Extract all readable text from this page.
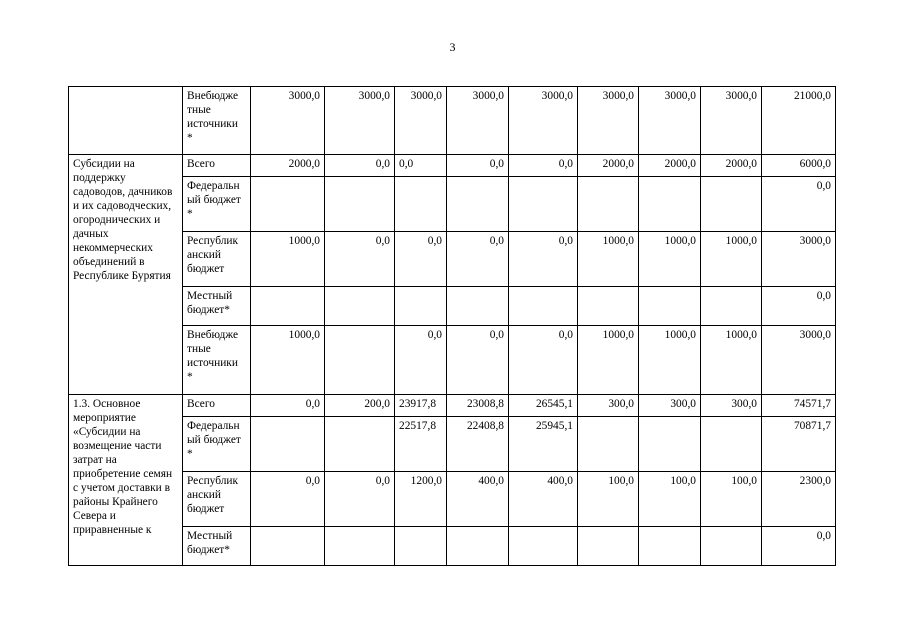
3
	Внебюдже тные источники *	3000,0	3000,0	3000,0	3000,0	3000,0	3000,0	3000,0	3000,0	21000,0
Субсидии на поддержку садоводов, дачников и их садоводческих, огороднических и дачных некоммерческих объединений в Республике Бурятия	Всего	2000,0	0,0	0,0	0,0	0,0	2000,0	2000,0	2000,0	6000,0
	Федеральн ый бюджет *									0,0
	Республик анский бюджет	1000,0	0,0	0,0	0,0	0,0	1000,0	1000,0	1000,0	3000,0
	Местный бюджет*									0,0
	Внебюдже тные источники *	1000,0		0,0	0,0	0,0	1000,0	1000,0	1000,0	3000,0
1.3. Основное мероприятие «Субсидии на возмещение части затрат на приобретение семян с учетом доставки в районы Крайнего Севера и приравненные к	Всего	0,0	200,0	23917,8	23008,8	26545,1	300,0	300,0	300,0	74571,7
	Федеральн ый бюджет *			22517,8	22408,8	25945,1				70871,7
	Республик анский бюджет	0,0	0,0	1200,0	400,0	400,0	100,0	100,0	100,0	2300,0
	Местный бюджет*									0,0
